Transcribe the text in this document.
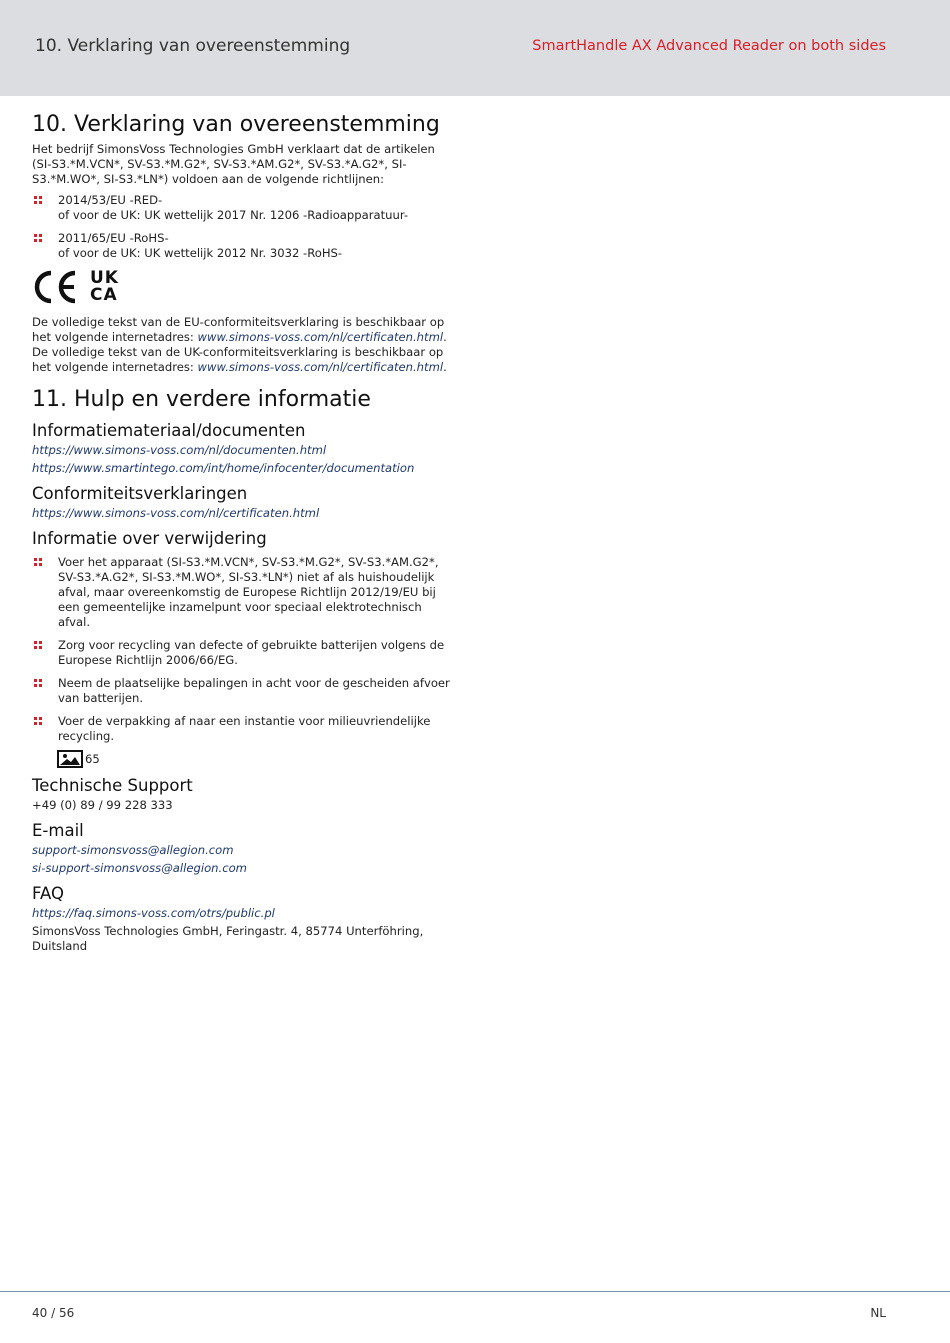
10. Verklaring van overeenstemming	SmartHandle AX Advanced Reader on both sides
10. Verklaring van overeenstemming

Het bedrijf SimonsVoss Technologies GmbH verklaart dat de artikelen (SI-S3.*M.VCN*, SV-S3.*M.G2*, SV-S3.*AM.G2*, SV-S3.*A.G2*, SI-S3.*M.WO*, SI-S3.*LN*) voldoen aan de volgende richtlijnen:

2014/53/EU -RED-
of voor de UK: UK wettelijk 2017 Nr. 1206 -Radioapparatuur-
2011/65/EU -RoHS-
of voor de UK: UK wettelijk 2012 Nr. 3032 -RoHS-
UK
CA

De volledige tekst van de EU-conformiteitsverklaring is beschikbaar op het volgende internetadres: www.simons-voss.com/nl/certificaten.html.

De volledige tekst van de UK-conformiteitsverklaring is beschikbaar op het volgende internetadres: www.simons-voss.com/nl/certificaten.html.

11. Hulp en verdere informatie
Informatiemateriaal/documenten
https://www.simons-voss.com/nl/documenten.html
https://www.smartintego.com/int/home/infocenter/documentation
Conformiteitsverklaringen
https://www.simons-voss.com/nl/certificaten.html
Informatie over verwijdering
Voer het apparaat (SI-S3.*M.VCN*, SV-S3.*M.G2*, SV-S3.*AM.G2*, SV-S3.*A.G2*, SI-S3.*M.WO*, SI-S3.*LN*) niet af als huishoudelijk afval, maar overeenkomstig de Europese Richtlijn 2012/19/EU bij een gemeentelijke inzamelpunt voor speciaal elektrotechnisch afval.
Zorg voor recycling van defecte of gebruikte batterijen volgens de Europese Richtlijn 2006/66/EG.
Neem de plaatselijke bepalingen in acht voor de gescheiden afvoer van batterijen.
Voer de verpakking af naar een instantie voor milieuvriendelijke recycling.
65
Technische Support

+49 (0) 89 / 99 228 333

E-mail
support-simonsvoss@allegion.com
si-support-simonsvoss@allegion.com
FAQ
https://faq.simons-voss.com/otrs/public.pl

SimonsVoss Technologies GmbH, Feringastr. 4, 85774 Unterföhring, Duitsland

40 / 56	NL
